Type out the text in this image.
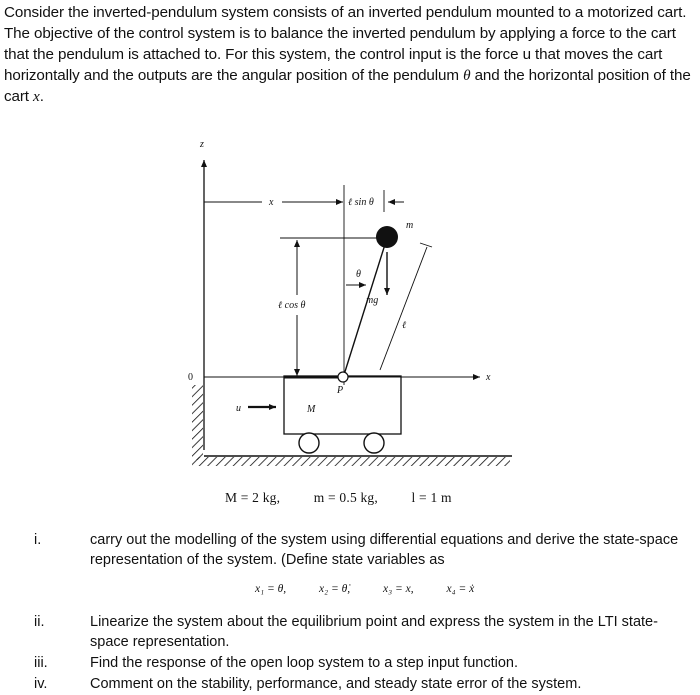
Consider the inverted-pendulum system consists of an inverted pendulum mounted to a motorized cart. The objective of the control system is to balance the inverted pendulum by applying a force to the cart that the pendulum is attached to. For this system, the control input is the force u that moves the cart horizontally and the outputs are the angular position of the pendulum θ and the horizontal position of the cart x.
z
x	ℓ sin θ
m
θ
mg
ℓ cos θ
ℓ
0	x
P
M
u
M = 2 kg, m = 0.5 kg, l = 1 m
i.	carry out the modelling of the system using differential equations and derive the state-space representation of the system. (Define state variables as
x₁ = θ,	x₂ = θ̇,	x₃ = x,	x₄ = ẋ
ii.	Linearize the system about the equilibrium point and express the system in the LTI state-space representation.
iii.	Find the response of the open loop system to a step input function.
iv.	Comment on the stability, performance, and steady state error of the system.
